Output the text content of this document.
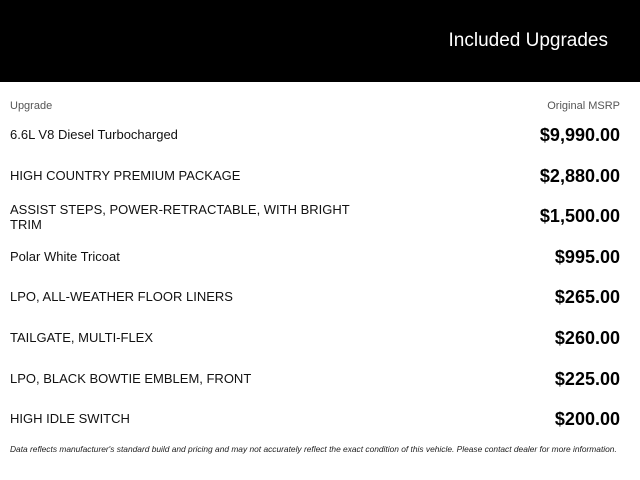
Included Upgrades
Upgrade	Original MSRP
6.6L V8 Diesel Turbocharged	$9,990.00
HIGH COUNTRY PREMIUM PACKAGE	$2,880.00
ASSIST STEPS, POWER-RETRACTABLE, WITH BRIGHT TRIM	$1,500.00
Polar White Tricoat	$995.00
LPO, ALL-WEATHER FLOOR LINERS	$265.00
TAILGATE, MULTI-FLEX	$260.00
LPO, BLACK BOWTIE EMBLEM, FRONT	$225.00
HIGH IDLE SWITCH	$200.00
Data reflects manufacturer's standard build and pricing and may not accurately reflect the exact condition of this vehicle. Please contact dealer for more information.
